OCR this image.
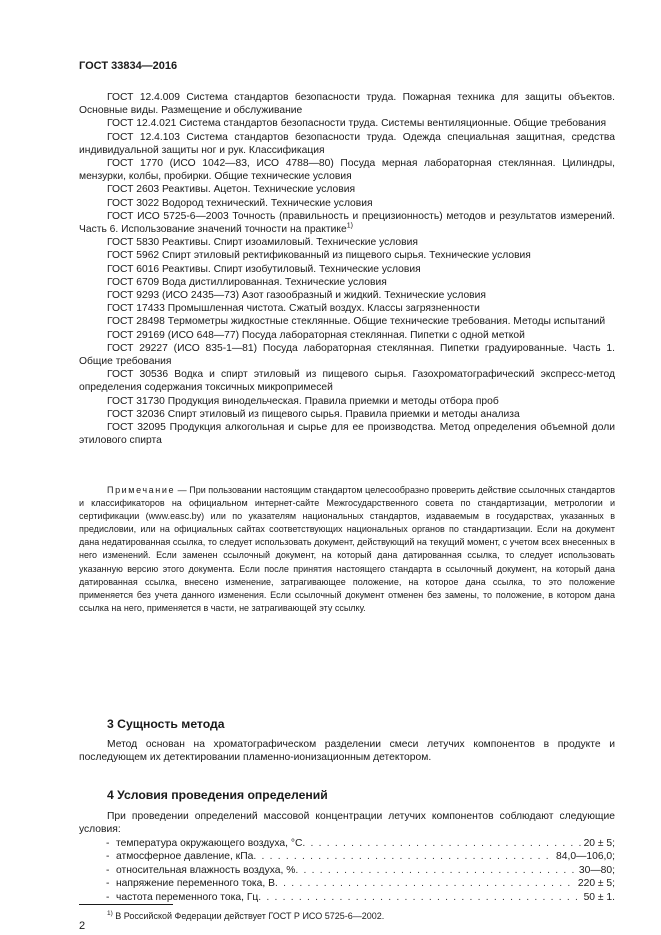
ГОСТ 33834—2016

ГОСТ 12.4.009 Система стандартов безопасности труда. Пожарная техника для защиты объектов. Основные виды. Размещение и обслуживание

ГОСТ 12.4.021 Система стандартов безопасности труда. Системы вентиляционные. Общие требования

ГОСТ 12.4.103 Система стандартов безопасности труда. Одежда специальная защитная, средства индивидуальной защиты ног и рук. Классификация

ГОСТ 1770 (ИСО 1042—83, ИСО 4788—80) Посуда мерная лабораторная стеклянная. Цилиндры, мензурки, колбы, пробирки. Общие технические условия

ГОСТ 2603 Реактивы. Ацетон. Технические условия

ГОСТ 3022 Водород технический. Технические условия

ГОСТ ИСО 5725-6—2003 Точность (правильность и прецизионность) методов и результатов измерений. Часть 6. Использование значений точности на практике$^{1)}$

ГОСТ 5830 Реактивы. Спирт изоамиловый. Технические условия

ГОСТ 5962 Спирт этиловый ректификованный из пищевого сырья. Технические условия

ГОСТ 6016 Реактивы. Спирт изобутиловый. Технические условия

ГОСТ 6709 Вода дистиллированная. Технические условия

ГОСТ 9293 (ИСО 2435—73) Азот газообразный и жидкий. Технические условия

ГОСТ 17433 Промышленная чистота. Сжатый воздух. Классы загрязненности

ГОСТ 28498 Термометры жидкостные стеклянные. Общие технические требования. Методы испытаний

ГОСТ 29169 (ИСО 648—77) Посуда лабораторная стеклянная. Пипетки с одной меткой

ГОСТ 29227 (ИСО 835-1—81) Посуда лабораторная стеклянная. Пипетки градуированные. Часть 1. Общие требования

ГОСТ 30536 Водка и спирт этиловый из пищевого сырья. Газохроматографический экспресс-метод определения содержания токсичных микропримесей

ГОСТ 31730 Продукция винодельческая. Правила приемки и методы отбора проб

ГОСТ 32036 Спирт этиловый из пищевого сырья. Правила приемки и методы анализа

ГОСТ 32095 Продукция алкогольная и сырье для ее производства. Метод определения объемной доли этилового спирта

Примечание — При пользовании настоящим стандартом целесообразно проверить действие ссылочных стандартов и классификаторов на официальном интернет-сайте Межгосударственного совета по стандартизации, метрологии и сертификации (www.easc.by) или по указателям национальных стандартов, издаваемым в государствах, указанных в предисловии, или на официальных сайтах соответствующих национальных органов по стандартизации. Если на документ дана недатированная ссылка, то следует использовать документ, действующий на текущий момент, с учетом всех внесенных в него изменений. Если заменен ссылочный документ, на который дана датированная ссылка, то следует использовать указанную версию этого документа. Если после принятия настоящего стандарта в ссылочный документ, на который дана датированная ссылка, внесено изменение, затрагивающее положение, на которое дана ссылка, то это положение применяется без учета данного изменения. Если ссылочный документ отменен без замены, то положение, в котором дана ссылка на него, применяется в части, не затрагивающей эту ссылку.

3 Сущность метода

Метод основан на хроматографическом разделении смеси летучих компонентов в продукте и последующем их детектировании пламенно-ионизационным детектором.

4 Условия проведения определений

При проведении определений массовой концентрации летучих компонентов соблюдают следующие условия:

- температура окружающего воздуха, °С . . .	20 ± 5;
- атмосферное давление, кПа . . .	84,0—106,0;
- относительная влажность воздуха, % . . .	30—80;
- напряжение переменного тока, В . . .	220 ± 5;
- частота переменного тока, Гц . . .	50 ± 1.
$^{1)}$ В Российской Федерации действует ГОСТ Р ИСО 5725-6—2002.
2
